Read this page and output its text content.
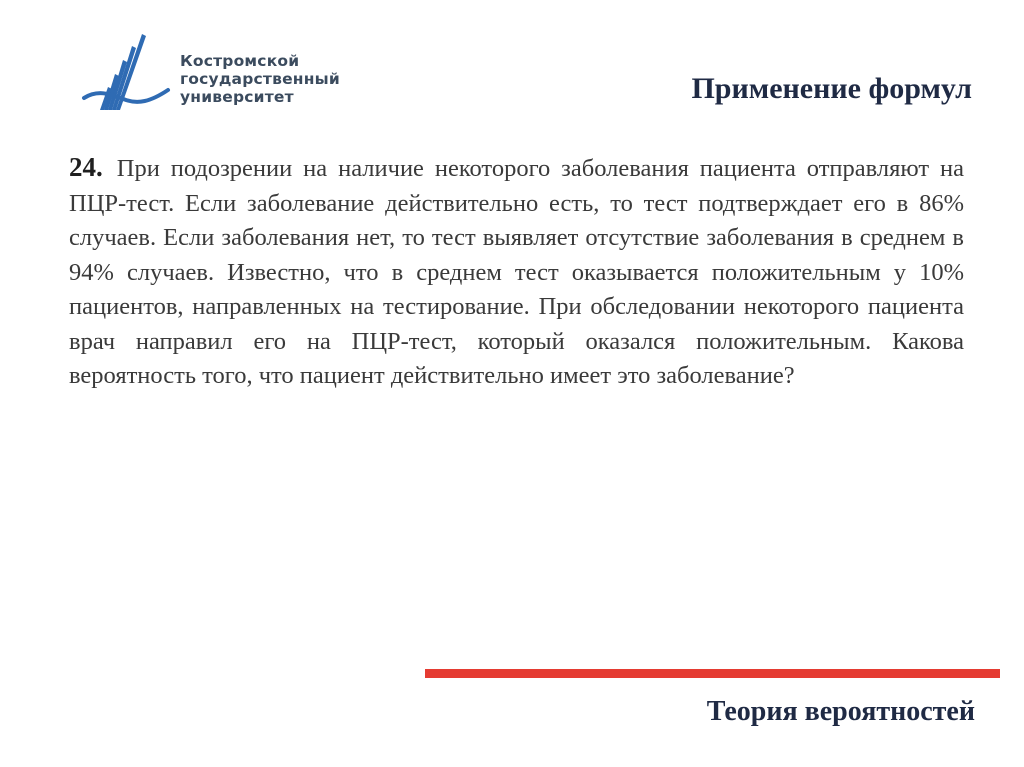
Костромской
государственный
университет	Применение формул

24. При подозрении на наличие некоторого заболевания пациента отправляют на ПЦР-тест. Если заболевание действительно есть, то тест подтверждает его в 86% случаев. Если заболевания нет, то тест выявляет отсутствие заболевания в среднем в 94% случаев. Известно, что в среднем тест оказывается положительным у 10% пациентов, направленных на тестирование. При обследовании некоторого пациента врач направил его на ПЦР-тест, который оказался положительным. Какова вероятность того, что пациент действительно имеет это заболевание?

Теория вероятностей
